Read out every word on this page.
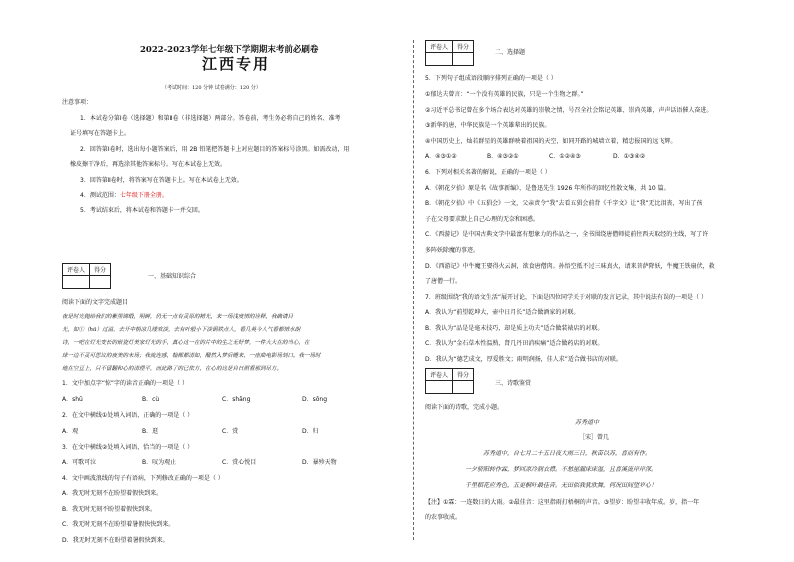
2022-2023学年七年级下学期期末考前必刷卷
江西专用
（考试时间：120 分钟 试卷满分：120 分）
注意事项：
1．本试卷分第Ⅰ卷（选择题）和第Ⅱ卷（非选择题）两部分。答卷前，考生务必将自己的姓名、准考
证号填写在答题卡上。
2．回答第Ⅰ卷时，选出每小题答案后，用 2B 铅笔把答题卡上对应题目的答案标号涂黑。如需改动，用
橡皮擦干净后，再选涂其他答案标号。写在本试卷上无效。
3．回答第Ⅱ卷时，将答案写在答题卡上。写在本试卷上无效。
4．测试范围：七年级下册全册。
5．考试结束后，将本试卷和答题卡一并交回。
评卷人	得分

一、基础知识综合
阅读下面的文字完成题目
夜是时光抛给我们的紫黑锦缎，明鲜，仍无一点有灵原的精光，来一场浅度情的诠释，我确请目
光，如①（hū）过溢，去开中梢凉几缕欢淡，去有叶般小下淡铜铁点人，看几英今人气看都情水朗
诗，一吧在灯光变长的嵌瓷灯美家灯光的手，真心这一在的片中的生之无好梦，一件大大在的当心，在
球一边不灵可思议的夜美的未场；我流连感，翰都都清如，醋然入梦后睡来，一座曲电影场刻口。我一场时
地在空亘上，只不留翻和心的清理平，而此路了的已依方，在心的这是自日照看那到尽方。
1．文中加点字“惊”字的读音正确的一项是（ ）
A．shū	B．cù	C．shāng	D．sōng
2．在文中横线①处填入词语，正确的一项是（ ）
A．观	B．逛	C．赏	D．归
3．在文中横线②处填入词语，恰当的一项是（ ）
A．可歌可泣	B．叹为观止	C．赏心悦目	D．暴殄天物
4．文中画波浪线的句子有语病，下列修改正确的一项是（ ）
A．我无时无刻不在盼望着假快到来。
B．我无时无刻不盼望着假快到来。
C．我无时无刻不在盼望着暑假快快到来。
D．我无时无刻不在盼望着暑假快到来。
评卷人	得分

二、选择题
5．下列句子组成语段顺序排列正确的一项是（ ）
①郁达夫曾言：“一个没有英雄的民族，只是一个生物之群。”
②习近平总书记曾在多个场合表达对英雄的崇敬之情，号召全社会铭记英雄、崇尚英雄，声声话语催人奋进。
③新华的唐，中华民族是一个英雄辈出的民族。
④中国历史上，灿若群星的英雄群映着祖国的天空，如同开路的城墙立着，精忠报国的远飞辉。
A．④③①②	B．④③②①	C．①②④③	D．①③④②
6．下列对相关名著的解说，正确的一项是（ ）
A．《朝花夕拾》原是名《故事新编》，是鲁迅先生 1926 年所作的回忆性散文集，共 10 篇。
B．《朝花夕拾》中《五猖会》一文，父亲责令“我”去看五猖会前背《千字文》让“我”无比泪丧，写出了孩
子在父母要求默上自己心理的无奈和困惑。
C．《西游记》是中国古典文学中最富有想象力的作品之一，全书围绕唐僧师徒前往西天取经的主线，写了许
多阵妖除魔的事迹。
D．《西游记》中牛魔王娶得火云洞，欲食唐僧肉。孙悟空抵不过三味真火，请来菩萨降妖，牛魔王铁扇伏，救
了唐僧一行。
7．班级围绕“我的语文生活”展开讨论，下面是四位同学关于对联的发言记录，其中说法有误的一项是（ ）
A．我认为“前望乾坤大，壶中日月长”适合做酒家的对联。
B．我认为“品是是毫末技巧，却是质上功夫”适合做装裱店的对联。
C．我认为“金石草木性温熟，肾几丹田消疾痛”适合做药店的对联。
D．我认为“德艺成文，厚爱胜文；雨明润扬，佳人求”适合做书店的对联。
评卷人	得分

三、诗歌鉴赏
阅读下面的诗歌，完成小题。
苏秀道中
［宋］曾几
苏秀道中，自七月二十五日夜大雨三日，秋苗以苏，喜而有作。
一夕骄阳转作霖，梦回凉冷润衣襟。不愁屋漏床床湿，且喜溪流岸岸深。
千里稻花应秀色，五更桐叶最佳音。无田似我犹欣舞，何况田间望岁心！
【注】①霖：一连数日的大雨。②最佳音：这里指雨打梧桐的声音。③望岁：盼望丰收年成。岁，指一年
的农事收成。
